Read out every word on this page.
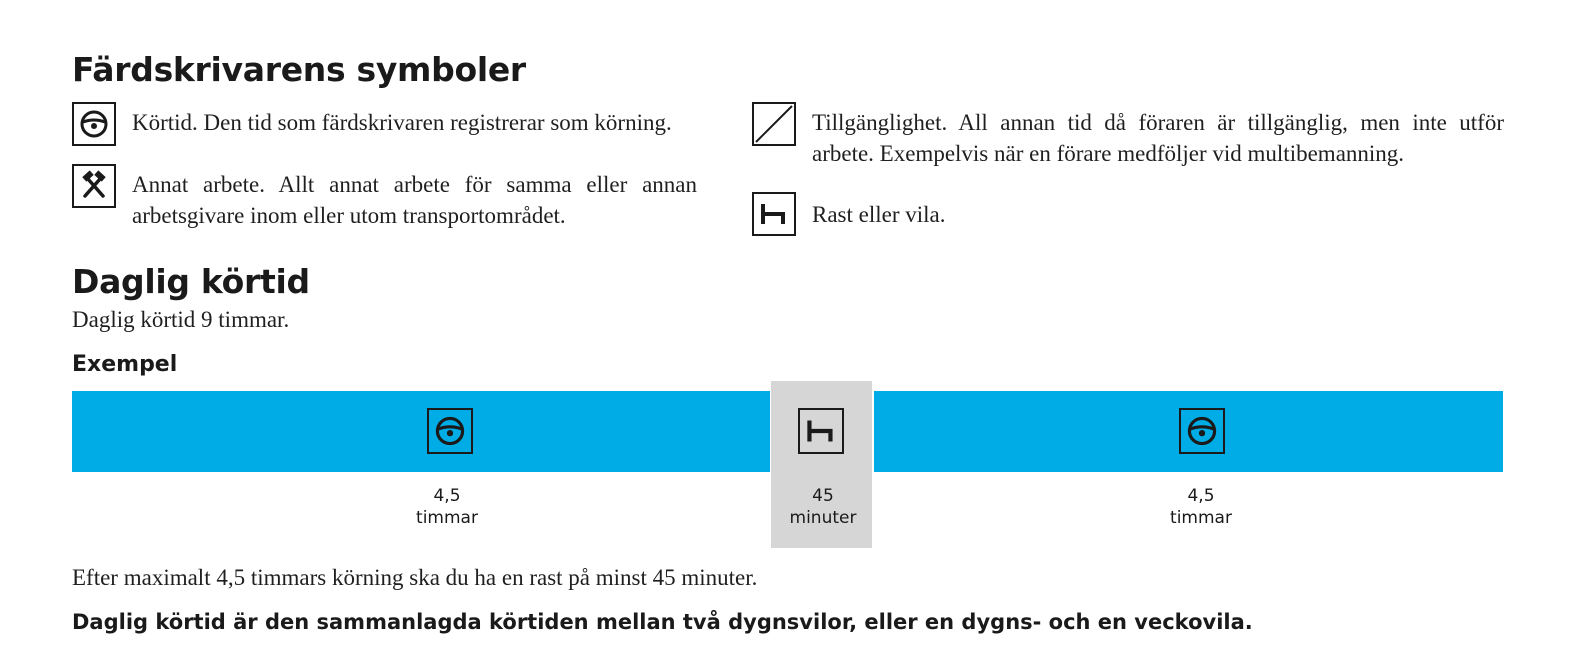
Färdskrivarens symboler
Körtid. Den tid som färdskrivaren registrerar som körning.
Annat arbete. Allt annat arbete för samma eller annan arbetsgivare inom eller utom transportområdet.
Tillgänglighet. All annan tid då föraren är tillgänglig, men inte utför arbete. Exempelvis när en förare medföljer vid multibemanning.
Rast eller vila.
Daglig körtid
Daglig körtid 9 timmar.
Exempel
4,5
timmar
45
minuter
4,5
timmar
Efter maximalt 4,5 timmars körning ska du ha en rast på minst 45 minuter.
Daglig körtid är den sammanlagda körtiden mellan två dygnsvilor, eller en dygns- och en veckovila.
